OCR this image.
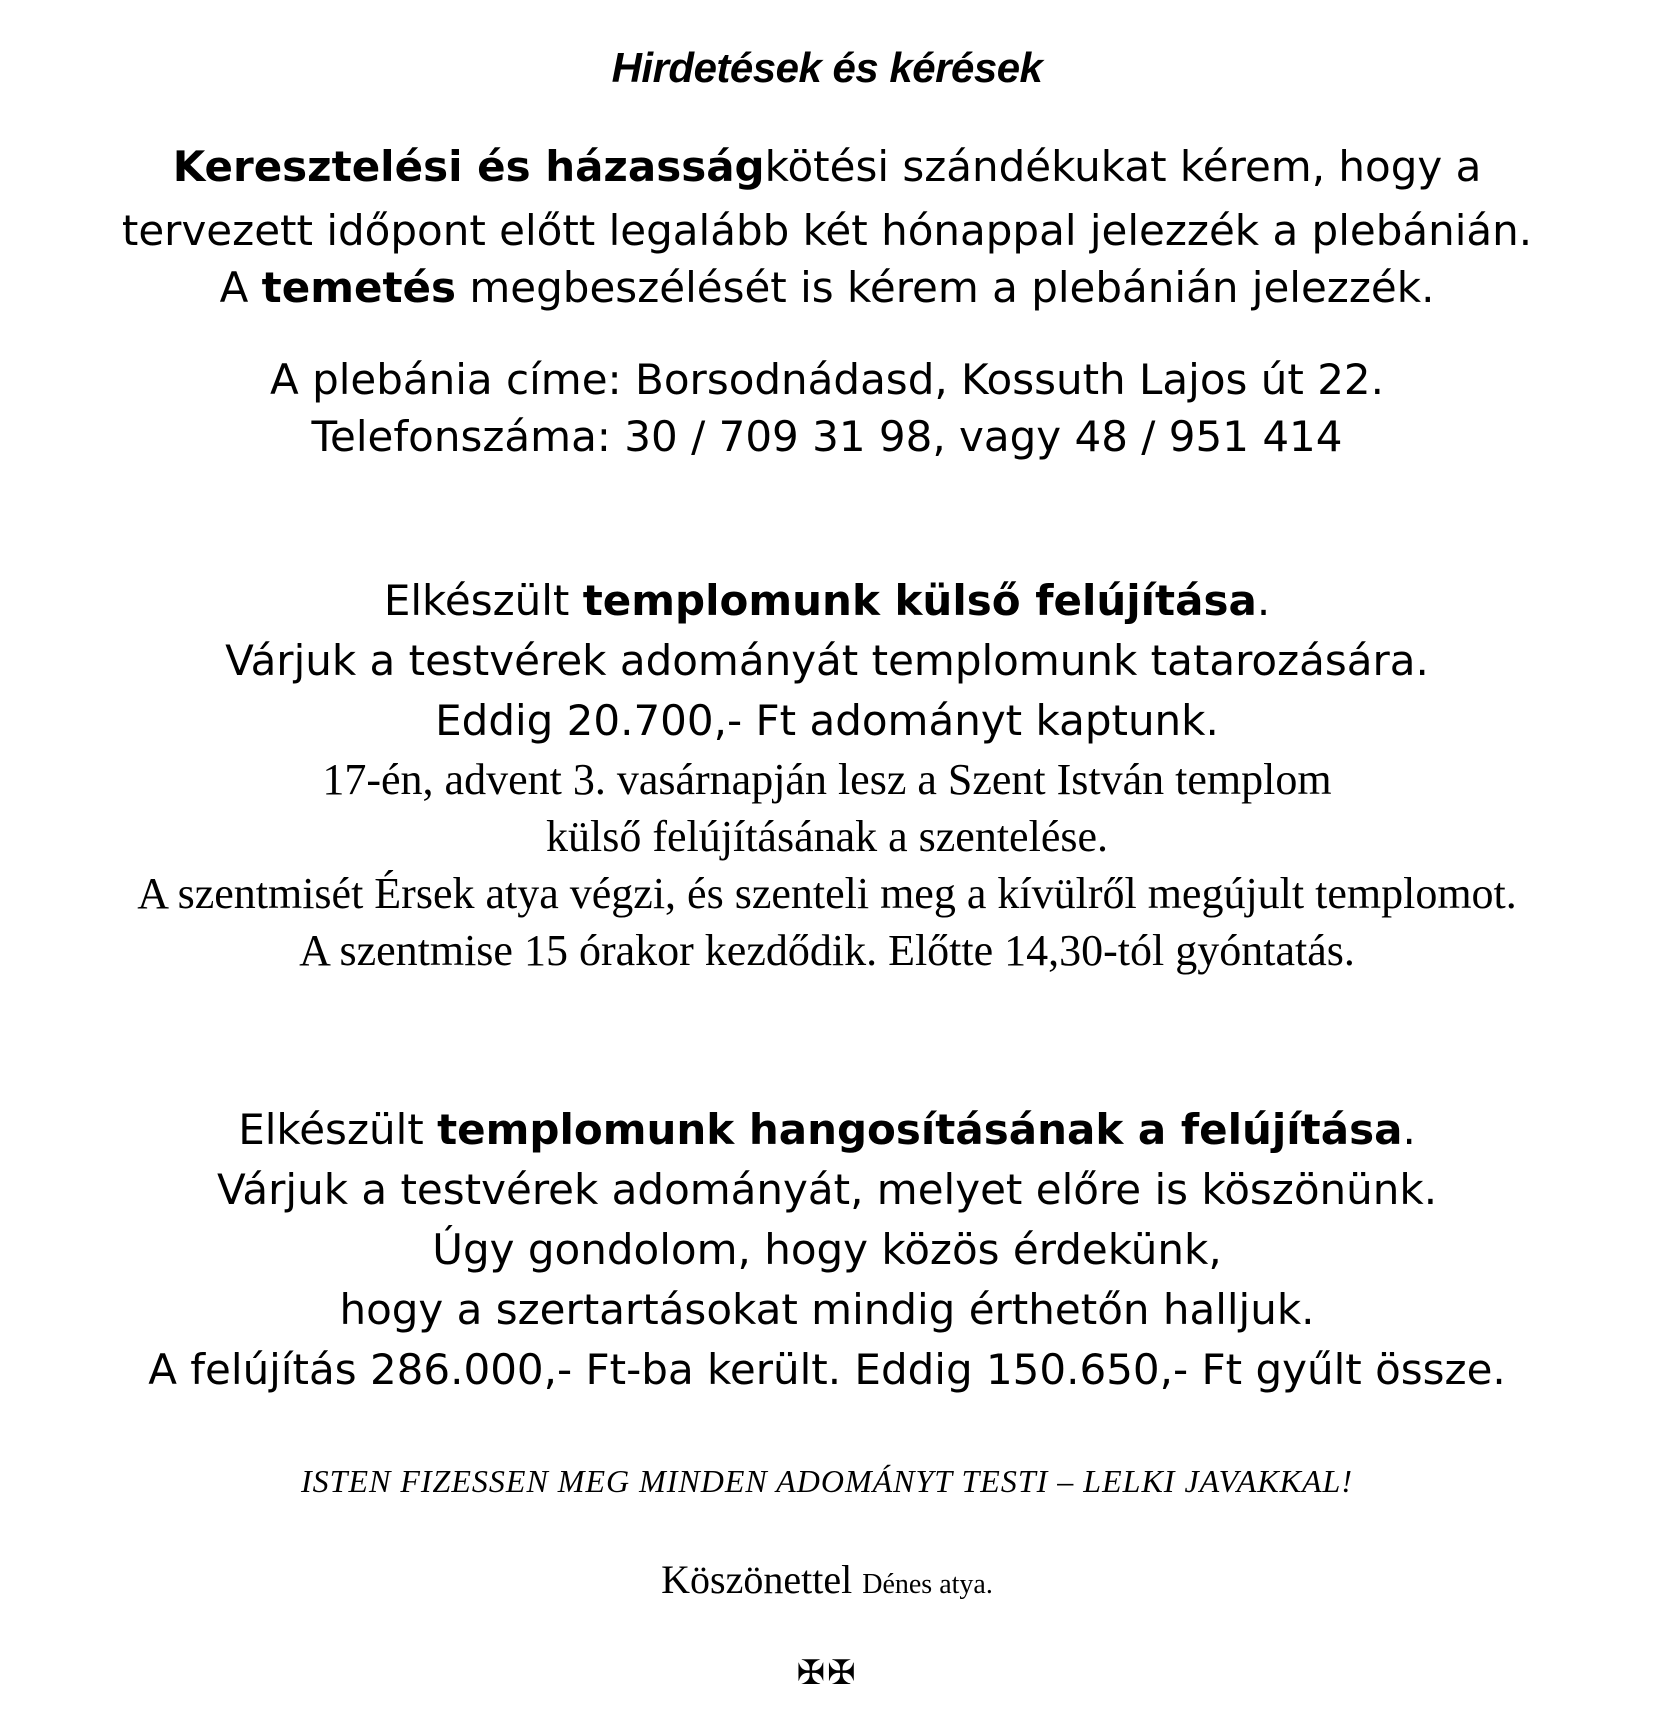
Hirdetések és kérések
Keresztelési és házasságkötési szándékukat kérem, hogy a
tervezett időpont előtt legalább két hónappal jelezzék a plebánián.
A temetés megbeszélését is kérem a plebánián jelezzék.
A plebánia címe: Borsodnádasd, Kossuth Lajos út 22.
Telefonszáma: 30 / 709 31 98, vagy 48 / 951 414
Elkészült templomunk külső felújítása.
Várjuk a testvérek adományát templomunk tatarozására.
Eddig 20.700,- Ft adományt kaptunk.
17-én, advent 3. vasárnapján lesz a Szent István templom
külső felújításának a szentelése.
A szentmisét Érsek atya végzi, és szenteli meg a kívülről megújult templomot.
A szentmise 15 órakor kezdődik. Előtte 14,30-tól gyóntatás.
Elkészült templomunk hangosításának a felújítása.
Várjuk a testvérek adományát, melyet előre is köszönünk.
Úgy gondolom, hogy közös érdekünk,
hogy a szertartásokat mindig érthetőn halljuk.
A felújítás 286.000,- Ft-ba került. Eddig 150.650,- Ft gyűlt össze.
ISTEN FIZESSEN MEG MINDEN ADOMÁNYT TESTI – LELKI JAVAKKAL!
Köszönettel Dénes atya.
✠✠
